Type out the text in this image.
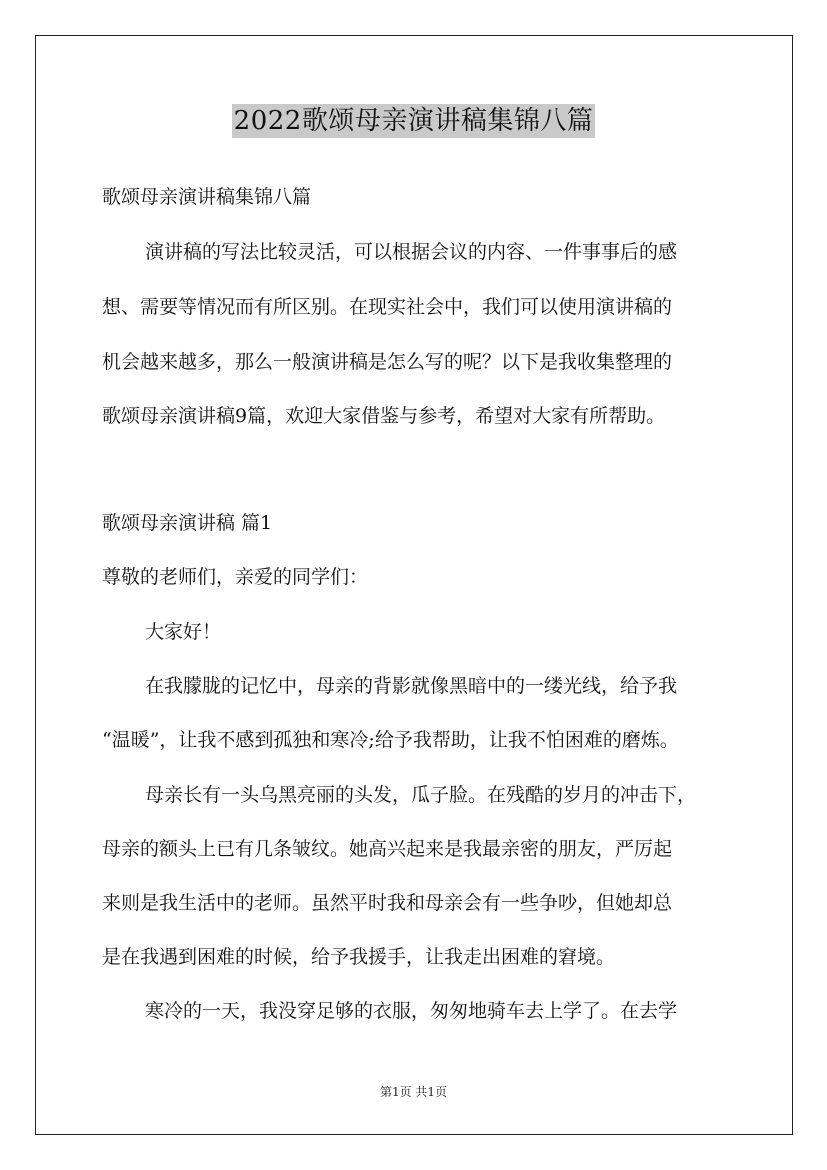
2022歌颂母亲演讲稿集锦八篇
歌颂母亲演讲稿集锦八篇
演讲稿的写法比较灵活，可以根据会议的内容、一件事事后的感
想、需要等情况而有所区别。在现实社会中，我们可以使用演讲稿的
机会越来越多，那么一般演讲稿是怎么写的呢？以下是我收集整理的
歌颂母亲演讲稿9篇，欢迎大家借鉴与参考，希望对大家有所帮助。
歌颂母亲演讲稿 篇1
尊敬的老师们，亲爱的同学们：
大家好！
在我朦胧的记忆中，母亲的背影就像黑暗中的一缕光线，给予我
“温暖”，让我不感到孤独和寒冷;给予我帮助，让我不怕困难的磨炼。
母亲长有一头乌黑亮丽的头发，瓜子脸。在残酷的岁月的冲击下，
母亲的额头上已有几条皱纹。她高兴起来是我最亲密的朋友，严厉起
来则是我生活中的老师。虽然平时我和母亲会有一些争吵，但她却总
是在我遇到困难的时候，给予我援手，让我走出困难的窘境。
寒冷的一天，我没穿足够的衣服，匆匆地骑车去上学了。在去学
第1页 共1页
